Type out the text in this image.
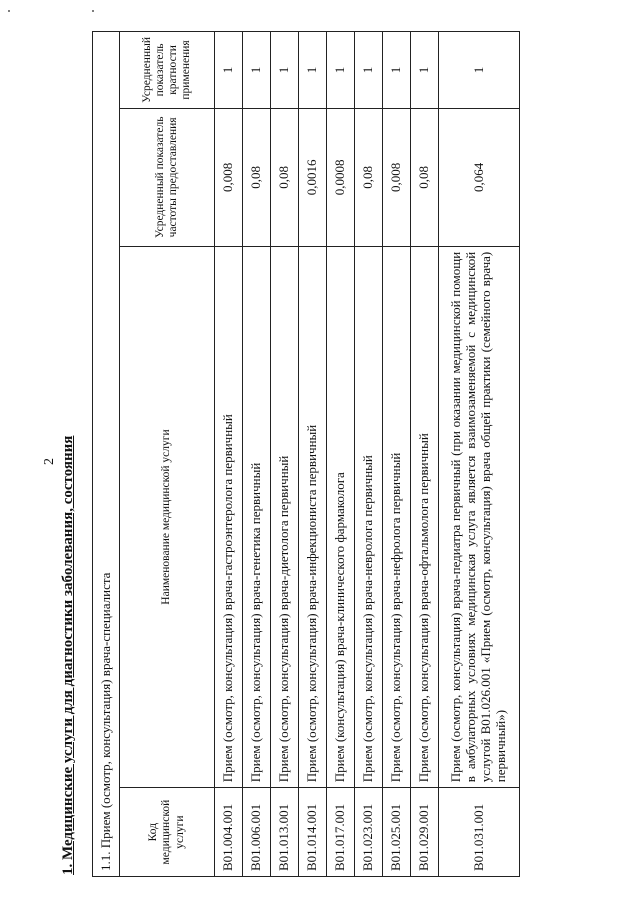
2 1. Медицинские услуги для диагностики заболевания, состояния 1.1. Прием (осмотр, консультация) врача-специалиста			
Код медицинской услуги	Наименование медицинской услуги	Усредненный показатель частоты предоставления	Усредненный показатель кратности применения
B01.004.001	Прием (осмотр, консультация) врача-гастроэнтеролога первичный	0,008	1
B01.006.001	Прием (осмотр, консультация) врача-генетика первичный	0,08	1
B01.013.001	Прием (осмотр, консультация) врача-диетолога первичный	0,08	1
B01.014.001	Прием (осмотр, консультация) врача-инфекциониста первичный	0,0016	1
B01.017.001	Прием (консультация) врача-клинического фармаколога	0,0008	1
B01.023.001	Прием (осмотр, консультация) врача-невролога первичный	0,08	1
B01.025.001	Прием (осмотр, консультация) врача-нефролога первичный	0,008	1
B01.029.001	Прием (осмотр, консультация) врача-офтальмолога первичный	0,08	1
B01.031.001	Прием (осмотр, консультация) врача-педиатра первичный (при оказании медицинской помощи в амбулаторных условиях медицинская услуга является взаимозаменяемой с медицинской услугой B01.026.001 «Прием (осмотр, консультация) врача общей практики (семейного врача) первичный»)	0,064	1
